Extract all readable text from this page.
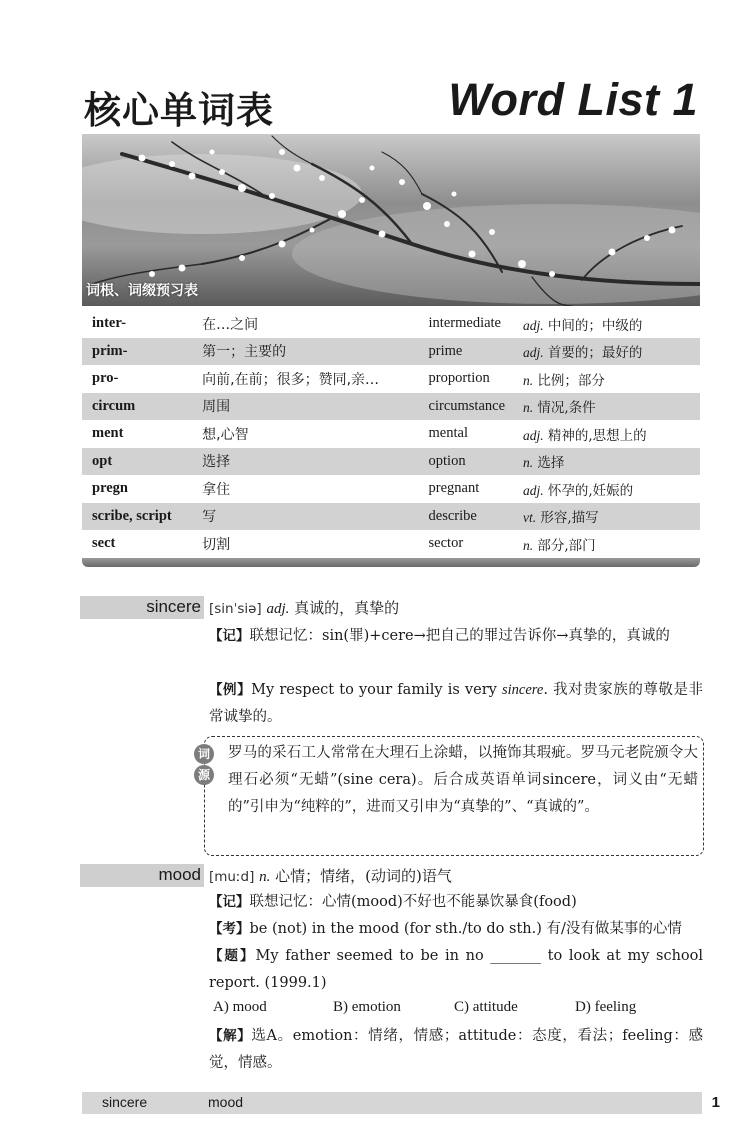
核心单词表	Word List 1
词根、词缀预习表
inter-	在…之间	intermediate	adj. 中间的；中级的
prim-	第一；主要的	prime	adj. 首要的；最好的
pro-	向前,在前；很多；赞同,亲…	proportion	n. 比例；部分
circum	周围	circumstance	n. 情况,条件
ment	想,心智	mental	adj. 精神的,思想上的
opt	选择	option	n. 选择
pregn	拿住	pregnant	adj. 怀孕的,妊娠的
scribe, script	写	describe	vt. 形容,描写
sect	切割	sector	n. 部分,部门
sincere [sinˈsiə] adj. 真诚的，真挚的
【记】联想记忆：sin(罪)+cere→把自己的罪过告诉你→真挚的，真诚的
【例】My respect to your family is very sincere. 我对贵家族的尊敬是非常诚挚的。
词
源
罗马的采石工人常常在大理石上涂蜡，以掩饰其瑕疵。罗马元老院颁令大理石必须“无蜡”(sine cera)。后合成英语单词sincere，词义由“无蜡的”引申为“纯粹的”，进而又引申为“真挚的”、“真诚的”。
mood [muːd] n. 心情；情绪，(动词的)语气
【记】联想记忆：心情(mood)不好也不能暴饮暴食(food)
【考】be (not) in the mood (for sth./to do sth.) 有/没有做某事的心情
【题】My father seemed to be in no _______ to look at my school report. (1999.1)
A) mood	B) emotion	C) attitude	D) feeling
【解】选A。emotion：情绪，情感；attitude：态度，看法；feeling：感觉，情感。
sincere	mood	1
